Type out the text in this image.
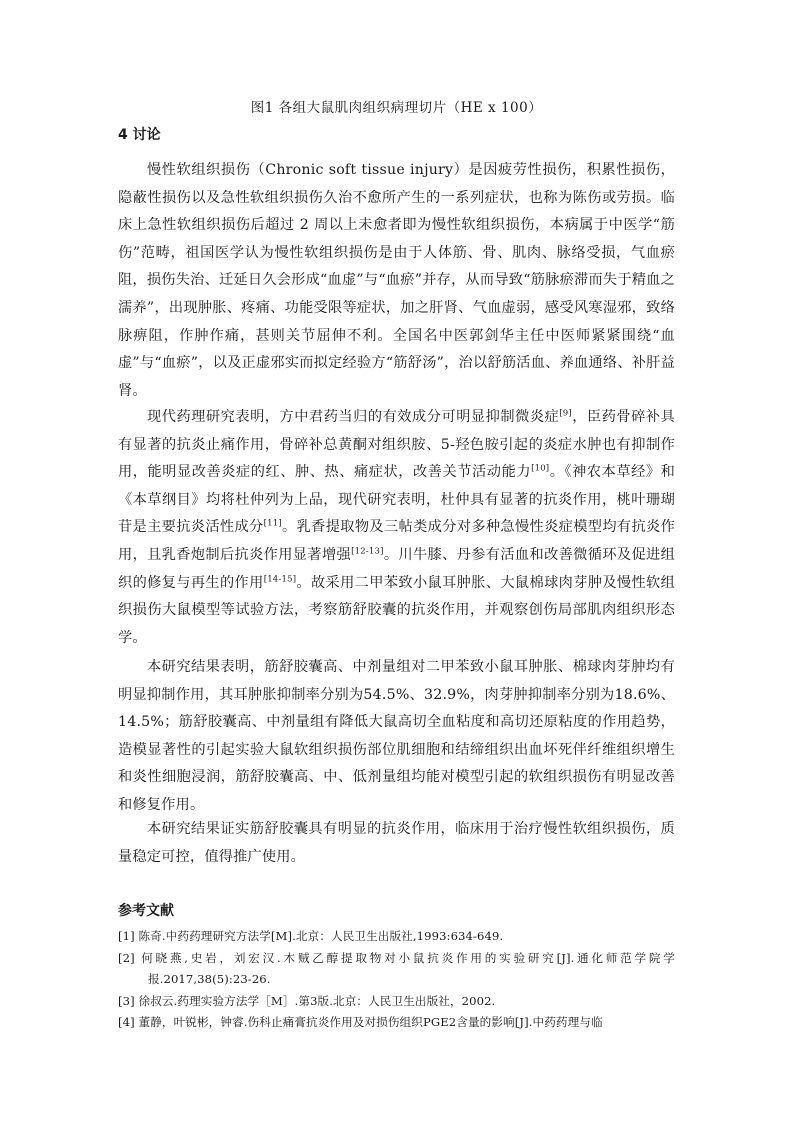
图1 各组大鼠肌肉组织病理切片（HE x 100）
4 讨论

慢性软组织损伤（Chronic soft tissue injury）是因疲劳性损伤，积累性损伤，隐蔽性损伤以及急性软组织损伤久治不愈所产生的一系列症状，也称为陈伤或劳损。临床上急性软组织损伤后超过 2 周以上未愈者即为慢性软组织损伤，本病属于中医学“筋伤”范畴，祖国医学认为慢性软组织损伤是由于人体筋、骨、肌肉、脉络受损，气血瘀阻，损伤失治、迁延日久会形成“血虚”与“血瘀”并存，从而导致“筋脉瘀滞而失于精血之濡养”，出现肿胀、疼痛、功能受限等症状，加之肝肾、气血虚弱，感受风寒湿邪，致络脉痹阻，作肿作痛，甚则关节屈伸不利。全国名中医郭剑华主任中医师紧紧围绕“血虚”与“血瘀”，以及正虚邪实而拟定经验方“筋舒汤”，治以舒筋活血、养血通络、补肝益肾。

现代药理研究表明，方中君药当归的有效成分可明显抑制微炎症[9]，臣药骨碎补具有显著的抗炎止痛作用，骨碎补总黄酮对组织胺、5-羟色胺引起的炎症水肿也有抑制作用，能明显改善炎症的红、肿、热、痛症状，改善关节活动能力[10]。《神农本草经》和《本草纲目》均将杜仲列为上品，现代研究表明，杜仲具有显著的抗炎作用，桃叶珊瑚苷是主要抗炎活性成分[11]。乳香提取物及三帖类成分对多种急慢性炎症模型均有抗炎作用，且乳香炮制后抗炎作用显著增强[12-13]。川牛膝、丹参有活血和改善微循环及促进组织的修复与再生的作用[14-15]。故采用二甲苯致小鼠耳肿胀、大鼠棉球肉芽肿及慢性软组织损伤大鼠模型等试验方法，考察筋舒胶囊的抗炎作用，并观察创伤局部肌肉组织形态学。

本研究结果表明，筋舒胶囊高、中剂量组对二甲苯致小鼠耳肿胀、棉球肉芽肿均有明显抑制作用，其耳肿胀抑制率分别为54.5%、32.9%，肉芽肿抑制率分别为18.6%、14.5%；筋舒胶囊高、中剂量组有降低大鼠高切全血粘度和高切还原粘度的作用趋势，造模显著性的引起实验大鼠软组织损伤部位肌细胞和结缔组织出血坏死伴纤维组织增生和炎性细胞浸润，筋舒胶囊高、中、低剂量组均能对模型引起的软组织损伤有明显改善和修复作用。

本研究结果证实筋舒胶囊具有明显的抗炎作用，临床用于治疗慢性软组织损伤，质量稳定可控，值得推广使用。

参考文献
[1] 陈奇.中药药理研究方法学[M].北京：人民卫生出版社,1993:634-649.
[2] 何晓燕,史岩，刘宏汉.木贼乙醇提取物对小鼠抗炎作用的实验研究[J].通化师范学院学报.2017,38(5):23-26.
[3] 徐叔云.药理实验方法学［M］.第3版.北京：人民卫生出版社，2002.
[4] 董静，叶锐彬，钟睿.伤科止痛膏抗炎作用及对损伤组织PGE2含量的影响[J].中药药理与临
